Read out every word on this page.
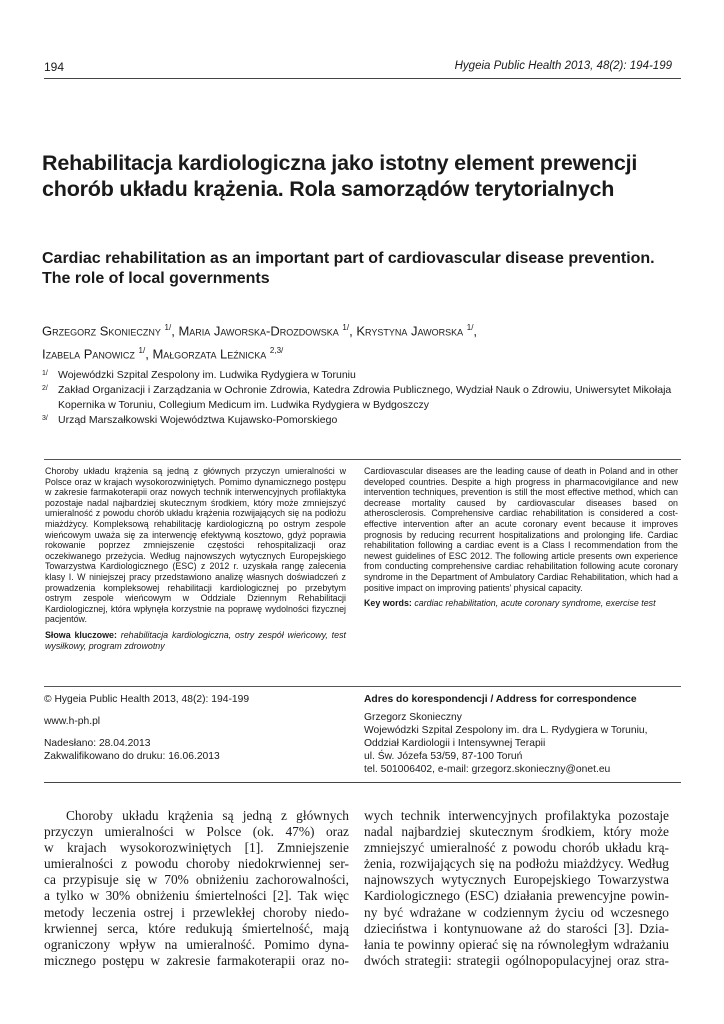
194	Hygeia Public Health 2013, 48(2): 194-199
Rehabilitacja kardiologiczna jako istotny element prewencji chorób układu krążenia. Rola samorządów terytorialnych
Cardiac rehabilitation as an important part of cardiovascular disease prevention. The role of local governments
Grzegorz Skonieczny $^{1/}$, Maria Jaworska-Drozdowska $^{1/}$, Krystyna Jaworska $^{1/}$,
Izabela Panowicz $^{1/}$, Małgorzata Leźnicka $^{2,3/}$
1/ Wojewódzki Szpital Zespolony im. Ludwika Rydygiera w Toruniu
2/ Zakład Organizacji i Zarządzania w Ochronie Zdrowia, Katedra Zdrowia Publicznego, Wydział Nauk o Zdrowiu, Uniwersytet Mikołaja Kopernika w Toruniu, Collegium Medicum im. Ludwika Rydygiera w Bydgoszczy
3/ Urząd Marszałkowski Województwa Kujawsko-Pomorskiego

Choroby układu krążenia są jedną z głównych przyczyn umieralności w Polsce oraz w krajach wysokorozwiniętych. Pomimo dynamicznego postępu w zakresie farmakoterapii oraz nowych technik interwencyjnych profilaktyka pozostaje nadal najbardziej skutecznym środkiem, który może zmniejszyć umieralność z powodu chorób układu krążenia rozwijających się na podłożu miażdżycy. Kompleksową rehabilitację kardiologiczną po ostrym zespole wieńcowym uważa się za interwencję efektywną kosztowo, gdyż poprawia rokowanie poprzez zmniejszenie częstości rehospitalizacji oraz oczekiwanego przeżycia. Według najnowszych wytycznych Europejskiego Towarzystwa Kardiologicznego (ESC) z 2012 r. uzyskała rangę zalecenia klasy I. W niniejszej pracy przedstawiono analizę własnych doświadczeń z prowadzenia kompleksowej rehabilitacji kardiologicznej po przebytym ostrym zespole wieńcowym w Oddziale Dziennym Rehabilitacji Kardiologicznej, która wpłynęła korzystnie na poprawę wydolności fizycznej pacjentów.

Słowa kluczowe: rehabilitacja kardiologiczna, ostry zespół wieńcowy, test wysiłkowy, program zdrowotny

Cardiovascular diseases are the leading cause of death in Poland and in other developed countries. Despite a high progress in pharmacovigilance and new intervention techniques, prevention is still the most effective method, which can decrease mortality caused by cardiovascular diseases based on atherosclerosis. Comprehensive cardiac rehabilitation is considered a cost-effective intervention after an acute coronary event because it improves prognosis by reducing recurrent hospitalizations and prolonging life. Cardiac rehabilitation following a cardiac event is a Class I recommendation from the newest guidelines of ESC 2012. The following article presents own experience from conducting comprehensive cardiac rehabilitation following acute coronary syndrome in the Department of Ambulatory Cardiac Rehabilitation, which had a positive impact on improving patients' physical capacity.

Key words: cardiac rehabilitation, acute coronary syndrome, exercise test

© Hygeia Public Health 2013, 48(2): 194-199
www.h-ph.pl
Nadesłano: 28.04.2013
Zakwalifikowano do druku: 16.06.2013
Adres do korespondencji / Address for correspondence
Grzegorz Skonieczny
Wojewódzki Szpital Zespolony im. dra L. Rydygiera w Toruniu,
Oddział Kardiologii i Intensywnej Terapii
ul. Św. Józefa 53/59, 87-100 Toruń
tel. 501006402, e-mail: grzegorz.skonieczny@onet.eu
Choroby układu krążenia są jedną z głównych
przyczyn umieralności w Polsce (ok. 47%) oraz
w krajach wysokorozwiniętych [1]. Zmniejszenie
umieralności z powodu choroby niedokrwiennej ser-
ca przypisuje się w 70% obniżeniu zachorowalności,
a tylko w 30% obniżeniu śmiertelności [2]. Tak więc
metody leczenia ostrej i przewlekłej choroby niedo-
krwiennej serca, które redukują śmiertelność, mają
ograniczony wpływ na umieralność. Pomimo dyna-
micznego postępu w zakresie farmakoterapii oraz no-
wych technik interwencyjnych profilaktyka pozostaje
nadal najbardziej skutecznym środkiem, który może
zmniejszyć umieralność z powodu chorób układu krą-
żenia, rozwijających się na podłożu miażdżycy. Według
najnowszych wytycznych Europejskiego Towarzystwa
Kardiologicznego (ESC) działania prewencyjne powin-
ny być wdrażane w codziennym życiu od wczesnego
dzieciństwa i kontynuowane aż do starości [3]. Dzia-
łania te powinny opierać się na równoległym wdrażaniu
dwóch strategii: strategii ogólnopopulacyjnej oraz stra-
